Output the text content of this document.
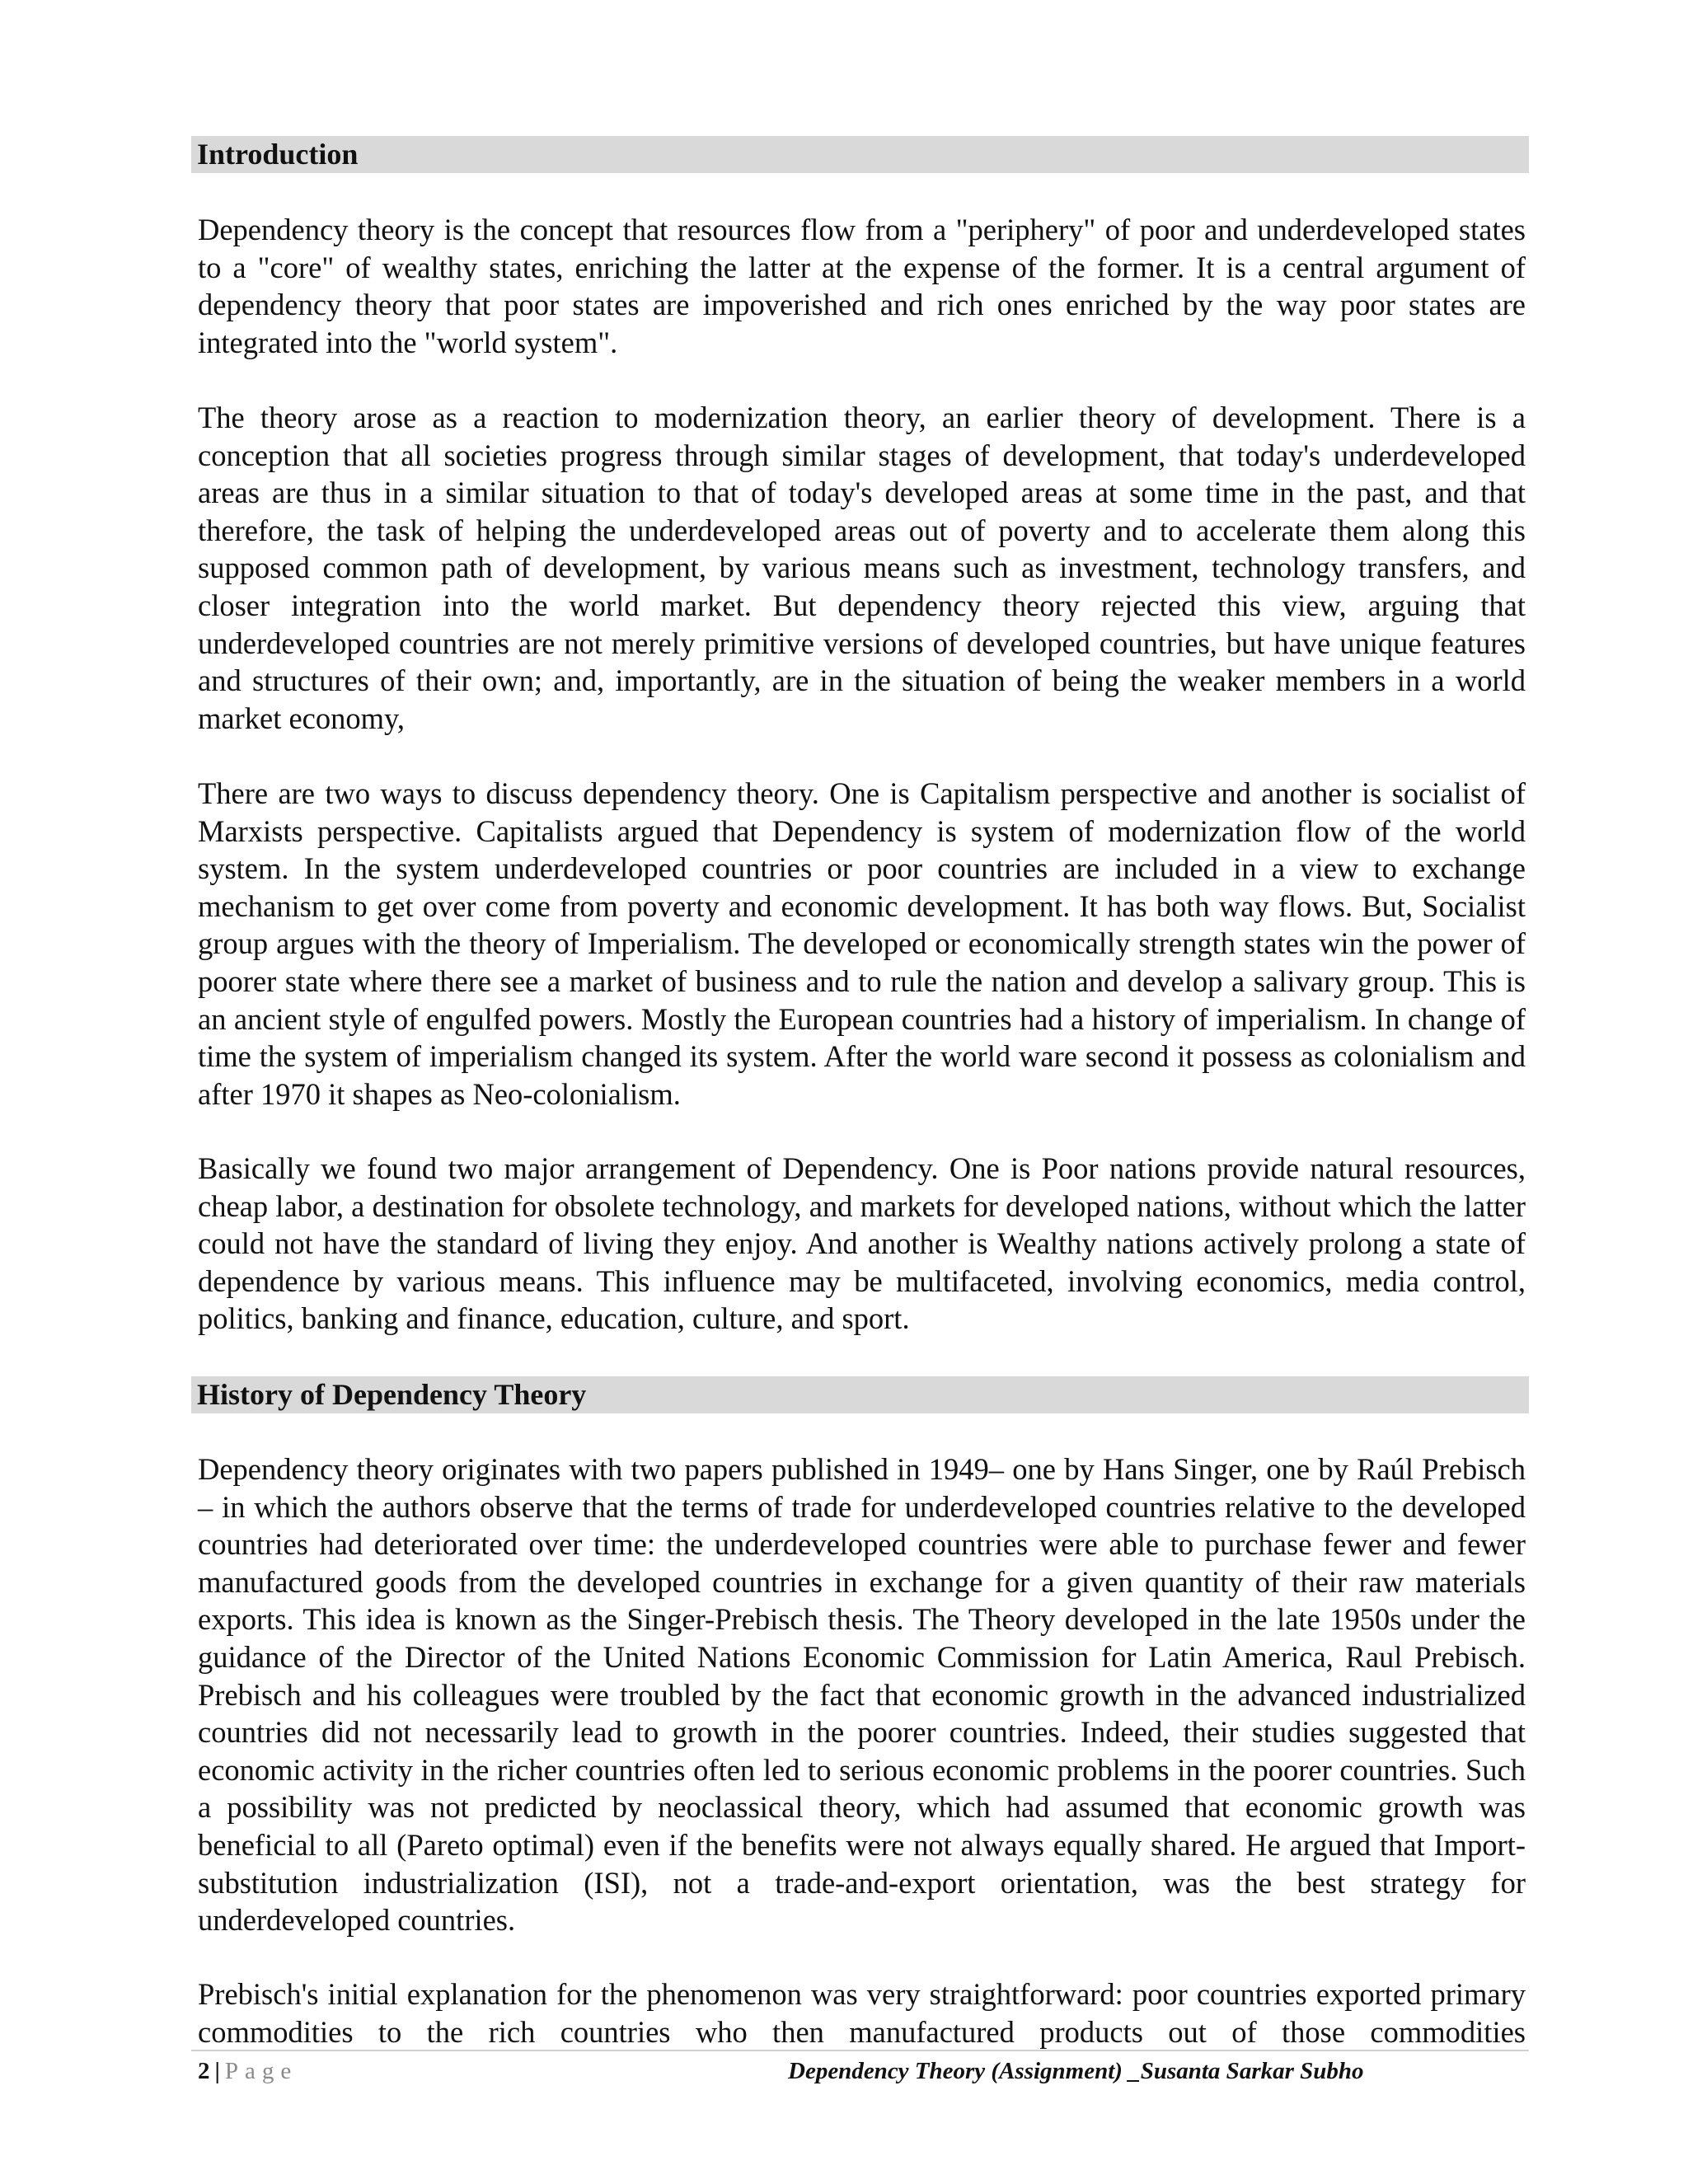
Introduction

Dependency theory is the concept that resources flow from a "periphery" of poor and underdeveloped states to a "core" of wealthy states, enriching the latter at the expense of the former. It is a central argument of dependency theory that poor states are impoverished and rich ones enriched by the way poor states are integrated into the "world system".

The theory arose as a reaction to modernization theory, an earlier theory of development. There is a conception that all societies progress through similar stages of development, that today's underdeveloped areas are thus in a similar situation to that of today's developed areas at some time in the past, and that therefore, the task of helping the underdeveloped areas out of poverty and to accelerate them along this supposed common path of development, by various means such as investment, technology transfers, and closer integration into the world market. But dependency theory rejected this view, arguing that underdeveloped countries are not merely primitive versions of developed countries, but have unique features and structures of their own; and, importantly, are in the situation of being the weaker members in a world market economy,

There are two ways to discuss dependency theory. One is Capitalism perspective and another is socialist of Marxists perspective. Capitalists argued that Dependency is system of modernization flow of the world system. In the system underdeveloped countries or poor countries are included in a view to exchange mechanism to get over come from poverty and economic development. It has both way flows. But, Socialist group argues with the theory of Imperialism. The developed or economically strength states win the power of poorer state where there see a market of business and to rule the nation and develop a salivary group. This is an ancient style of engulfed powers. Mostly the European countries had a history of imperialism. In change of time the system of imperialism changed its system. After the world ware second it possess as colonialism and after 1970 it shapes as Neo-colonialism.

Basically we found two major arrangement of Dependency. One is Poor nations provide natural resources, cheap labor, a destination for obsolete technology, and markets for developed nations, without which the latter could not have the standard of living they enjoy. And another is Wealthy nations actively prolong a state of dependence by various means. This influence may be multifaceted, involving economics, media control, politics, banking and finance, education, culture, and sport.

History of Dependency Theory

Dependency theory originates with two papers published in 1949– one by Hans Singer, one by Raúl Prebisch – in which the authors observe that the terms of trade for underdeveloped countries relative to the developed countries had deteriorated over time: the underdeveloped countries were able to purchase fewer and fewer manufactured goods from the developed countries in exchange for a given quantity of their raw materials exports. This idea is known as the Singer-Prebisch thesis. The Theory developed in the late 1950s under the guidance of the Director of the United Nations Economic Commission for Latin America, Raul Prebisch. Prebisch and his colleagues were troubled by the fact that economic growth in the advanced industrialized countries did not necessarily lead to growth in the poorer countries. Indeed, their studies suggested that economic activity in the richer countries often led to serious economic problems in the poorer countries. Such a possibility was not predicted by neoclassical theory, which had assumed that economic growth was beneficial to all (Pareto optimal) even if the benefits were not always equally shared. He argued that Import-substitution industrialization (ISI), not a trade-and-export orientation, was the best strategy for underdeveloped countries.

Prebisch's initial explanation for the phenomenon was very straightforward: poor countries exported primary commodities to the rich countries who then manufactured products out of those commodities

2 | Page	Dependency Theory (Assignment) _Susanta Sarkar Subho
